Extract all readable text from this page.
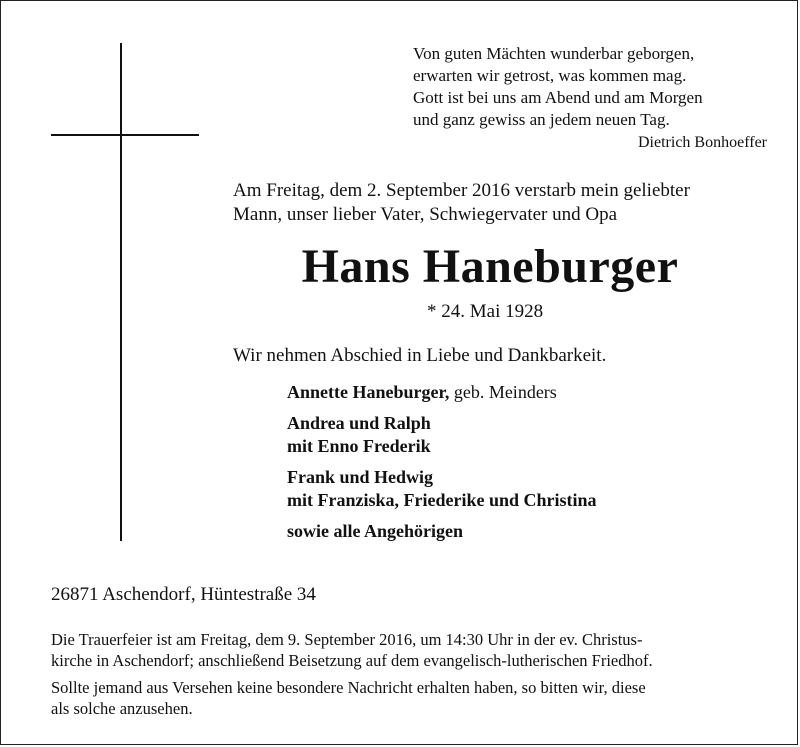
Von guten Mächten wunderbar geborgen,
erwarten wir getrost, was kommen mag.
Gott ist bei uns am Abend und am Morgen
und ganz gewiss an jedem neuen Tag.
Dietrich Bonhoeffer
Am Freitag, dem 2. September 2016 verstarb mein geliebter
Mann, unser lieber Vater, Schwiegervater und Opa
Hans Haneburger
* 24. Mai 1928
Wir nehmen Abschied in Liebe und Dankbarkeit.
Annette Haneburger, geb. Meinders
Andrea und Ralph
mit Enno Frederik
Frank und Hedwig
mit Franziska, Friederike und Christina
sowie alle Angehörigen
26871 Aschendorf, Hüntestraße 34

Die Trauerfeier ist am Freitag, dem 9. September 2016, um 14:30 Uhr in der ev. Christus-
kirche in Aschendorf; anschließend Beisetzung auf dem evangelisch-lutherischen Friedhof.

Sollte jemand aus Versehen keine besondere Nachricht erhalten haben, so bitten wir, diese
als solche anzusehen.
